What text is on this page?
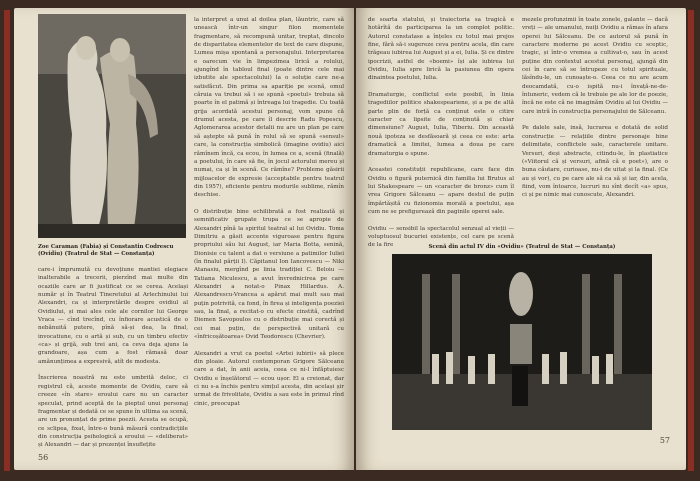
Zoe Caraman (Fabia) și Constantin Codrescu
(Ovidiu) (Teatrul de Stat — Constanța)

la interpret a unui al doilea plan, lăuntric, care să uneascā într-un singur filon momentele fragmentare, să recompună unitar, treptat, dincolo de disparitatea elementelor de text de care dispune, Lumea mișa spontană a personajului. Interpretarea e oarecum vie în limpezimea lirică a rolului, ajungînd în tabloul final (poate dintre cele mai izbutite ale spectacolului) la o soluție care ne-a satisfăcut. Din prima sa apariție pe scenă, omul căruia va trebui să i se spună «poetul» trebuia să poarte în el patimă și întreaga lui tragedie. Cu toată grija acordată acestui personaj, vom spune că drumul acesta, pe care îl descrie Radu Popescu, Aglomerarea acestor detalii nu are un plan pe care să aștepte să pună în rolul să se spună «sensul» care, la construcția simbolică (imagine ovidiu) aici rămînem încă, ca ecou, în lumea ce a, scenă (finală) a poetului, în care să fie, în jocul actorului mereu și numai, ca și în scenă. Ce rămîne? Probleme găsirii mijloacelor de expresie (acceptabile pentru teatrul din 1957), eficiente pentru modurile sublime, rămîn deschise.

O distribuție bine echilibrată a fost realizată și semnificativ grupate trupa ce se apropie de Alexandri pînă la spiritul teatral al lui Ovidiu. Toma Dimitriu a găsit accente viguroase pentru figura propriului său lui August, iar Maria Botta, senină, Dionisie cu talent a dat o versiune a patimilor Iuliei (în finalul părții I). Căpitanul Ion Iancovescu — Niki Atanasiu, mergînd pe linia tradiției C. Beloiu — Tatiana Niculescu, a avut învrednicirea pe care Alexandri a notat-o Pinax Hillardus. A. Alexandrescu-Vrancea a apărut mai mult sau mai puțin potrivită, ca fond, în firea și inteligența poeziei sau, la final, a recitat-o cu efecte cinstită, cadrînd Diemen Savopoulos cu o distribuție mai corectă și cei mai puțin, de perspectivă unitară cu «înfricoșătoarea» Ovid Teodorescu (Chevrier).

Alexandri a vrut ca poetul «Artei iubirii» să plece din ploaie. Autorul contemporan Grigore Sălceanu care a dat, în anii aceia, ceea ce ni-l înfăptuiesc Ovidiu e înșelătorul — ecou ușor. El a creionat, dar ci nu s-a închis pentru simțul acesta, din același șir urmat de frivolitate, Ovidiu a sau este în primul rînd cinic, preocupat

care-i împrumută cu devoțiune mantiei elegiace inalterabile a trecerii, pierzînd mai multe din ocaziile care ar fi justificat ce se cerea. Același număr și în Teatrul Tineretului al Arlechinului lui Alexandri, ca și interpretările despre ovidiul al Ovidiului, și mai ales cele ale cornilor lui George Vraca — cînd trecînd, cu înfiorare acustică de o nebănuită putere, pînă să-și dea, la final, invocatiune, cu o artă și sub, cu un timbru efectiv «ca» și grijă, sub trei ani, ca ceva deja ajuns la grandoare, așa cum a fost rămasă doar amănunțimea a expresivă, atît de modesta.

Înscrierea noastră nu este umbrită deloc, ci registrul că, aceste momente de Ovidiu, care să creeze «în stare» eroului care nu un caracter speculat, prind aceptă de la pieptul unui personaj fragmentar și dedată ce se spune în ultima sa scenă, are un pronunțat de prime poezii. Acesta se ocupă, ce sclipea, fixat, între-o bună măsură contradicțiile din construcția psihologică a eroului — «deliberat» și Alexandri — dar și prezenței însuflețite

56

de soarta statului, și traiectoria sa tragică e hotărîtă de participarea la un complot politic. Autorul constatase a înțeles cu totul mai prejos fine, fără să-i sugereze ceva pentru acela, din care trăgeau iubirea lui August și a ei, Iulia. Și ce dintre ipocrizii, astfel de «boemi» își ale iubirea lui Ovidiu, Iulia spre lirică la pasiunea din opera dinaintea poetului, Iulia.

Dramaturgie, conflictul este posibil, în linia tragediilor politice shakespeariene, și a pe de altă parte plin de forță ca conținut este o citire caracter ca lipsite de conținută și chiar dimensiune? August, Iulia, Tiberiu. Din această nouă ipoteza se desfăsoară și ceea ce este: arta dramatică a limitei, lumea a doua pe care dramaturgia o spune.

Aceastei constituții republicane, care face din Ovidiu o figură puternică din familia lui Brutus al lui Shakespeare — un «caracter de bronz» cum îl vrea Grigore Sălceanu — apare destul de puțin împărtășită cu fizionomia morală a poetului, așa cum ne se prefigurează din paginile operei sale.

Ovidiu — sensibil la spectacolul senzual al vieții — voluptuosul bucuriei existențe, cel care pe scenă de la fire

mezele profunzimii în toate zonele, galante — dacă vreți — ale umanului, nuiți Ovidiu a rămas în afara operei lui Sălceanu. De ce autorul să pună în caractere moderne pe acest Ovidiu cu sceptic, tragic, și într-o vremea a cultivat-o, sau în acest puține din contextul acestui personaj, ajungă din cei în care să se întrupeze cu totul spirituale, lăsîndu-le, un cunoaște-o. Ceea ce nu are acum deocamdată, cu-o ispită nu-i învață-ne-de-întuneric, vedem că le trebuie pe ale lor de poezie, încă ne este că ne imaginăm Ovidiu al lui Ovidiu — care intră în construcția personajului de Sălceanu.

Pe dalele sale, insă, lucrarea e dotată de solid construcție — relațiile dintre personaje bine delimitate, conflictele sale, caracterele unitare. Versuri, deși abstracte, citindu-le, în plastiatice («Viitorul că și versuri, afină că e poet»), are o buna căutare, curioase, nu-i de uitat și la final. (Ce au și vor), cu pe care ale să ca să și iar, din acela, fiind, vom întoarce, lucruri nu sînt decît «a» spus, ci și pe nimic mai cunoscute, Alexandri.

Scenă din actul IV din «Ovidiu» (Teatrul de Stat — Constanța)
57
